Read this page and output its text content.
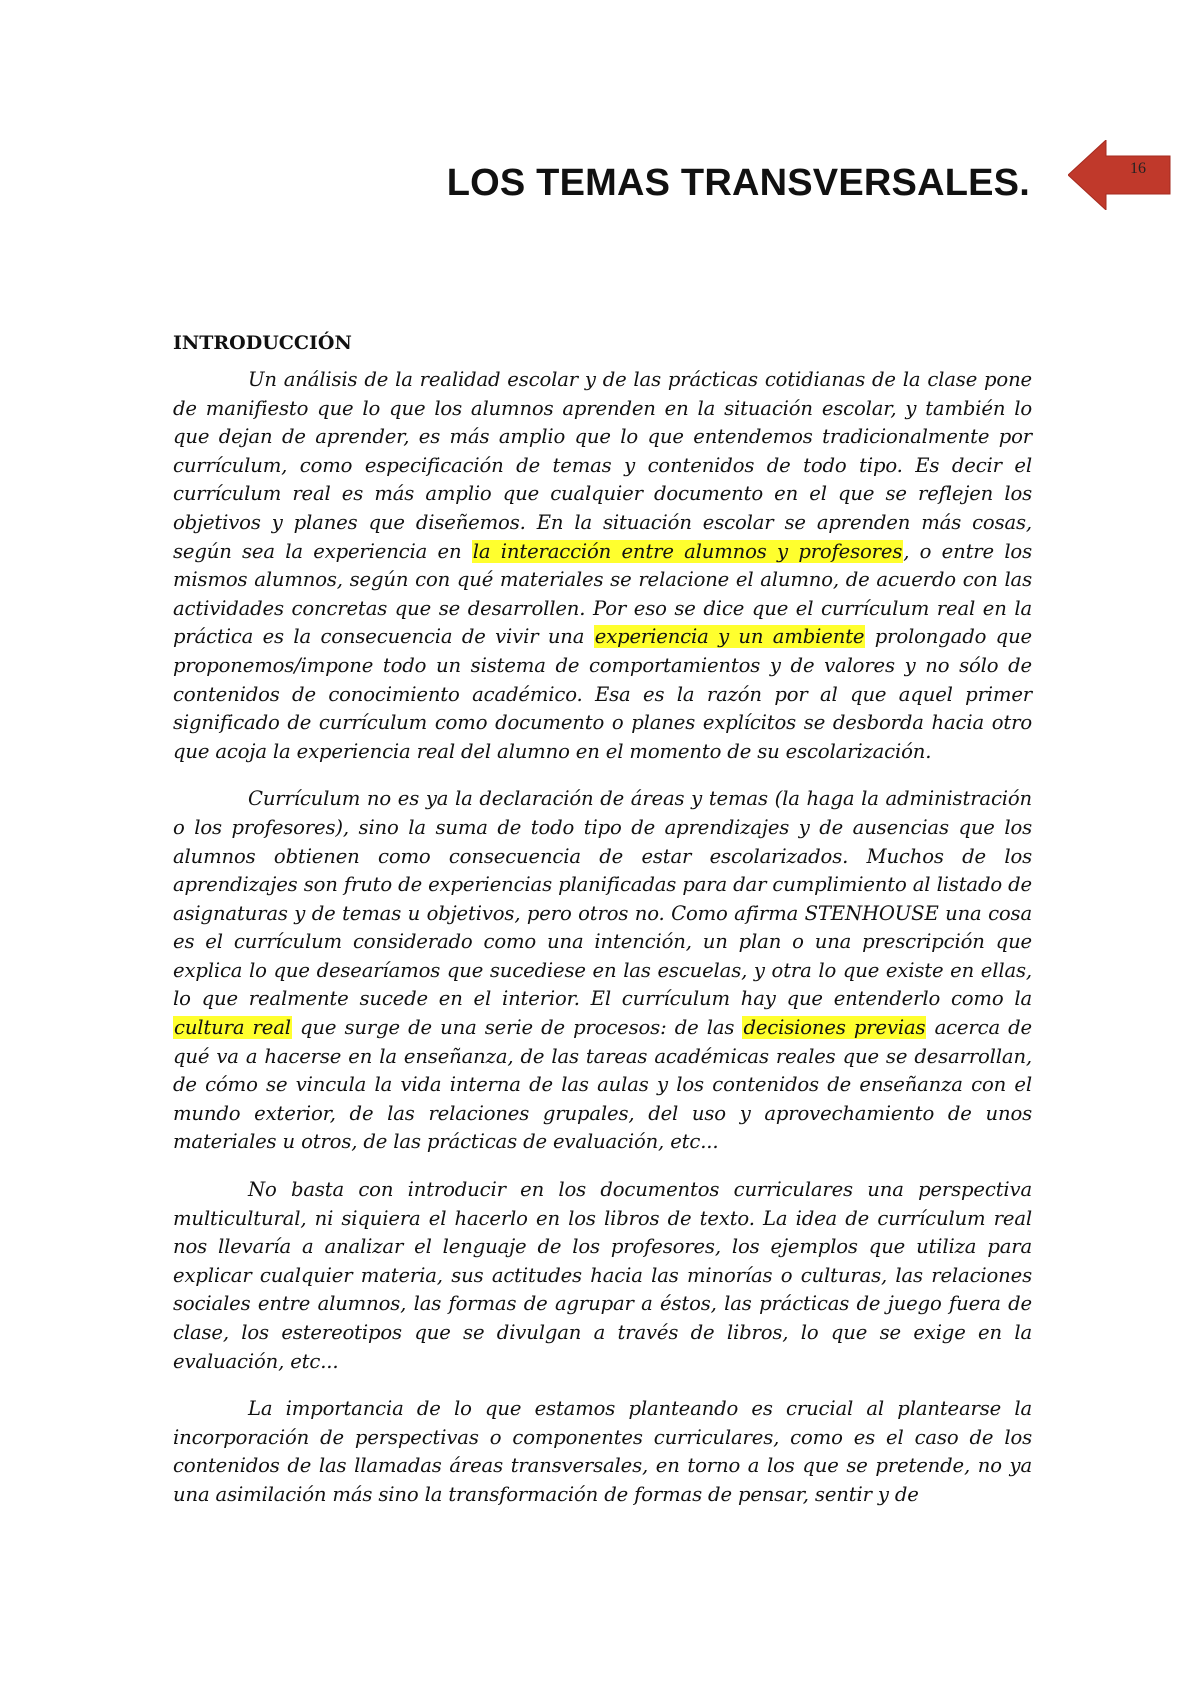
LOS TEMAS TRANSVERSALES.	16
INTRODUCCIÓN

Un análisis de la realidad escolar y de las prácticas cotidianas de la clase pone de manifiesto que lo que los alumnos aprenden en la situación escolar, y también lo que dejan de aprender, es más amplio que lo que entendemos tradicionalmente por currículum, como especificación de temas y contenidos de todo tipo. Es decir el currículum real es más amplio que cualquier documento en el que se reflejen los objetivos y planes que diseñemos. En la situación escolar se aprenden más cosas, según sea la experiencia en la interacción entre alumnos y profesores, o entre los mismos alumnos, según con qué materiales se relacione el alumno, de acuerdo con las actividades concretas que se desarrollen. Por eso se dice que el currículum real en la práctica es la consecuencia de vivir una experiencia y un ambiente prolongado que proponemos/impone todo un sistema de comportamientos y de valores y no sólo de contenidos de conocimiento académico. Esa es la razón por al que aquel primer significado de currículum como documento o planes explícitos se desborda hacia otro que acoja la experiencia real del alumno en el momento de su escolarización.

Currículum no es ya la declaración de áreas y temas (la haga la administración o los profesores), sino la suma de todo tipo de aprendizajes y de ausencias que los alumnos obtienen como consecuencia de estar escolarizados. Muchos de los aprendizajes son fruto de experiencias planificadas para dar cumplimiento al listado de asignaturas y de temas u objetivos, pero otros no. Como afirma STENHOUSE una cosa es el currículum considerado como una intención, un plan o una prescripción que explica lo que desearíamos que sucediese en las escuelas, y otra lo que existe en ellas, lo que realmente sucede en el interior. El currículum hay que entenderlo como la cultura real que surge de una serie de procesos: de las decisiones previas acerca de qué va a hacerse en la enseñanza, de las tareas académicas reales que se desarrollan, de cómo se vincula la vida interna de las aulas y los contenidos de enseñanza con el mundo exterior, de las relaciones grupales, del uso y aprovechamiento de unos materiales u otros, de las prácticas de evaluación, etc...

No basta con introducir en los documentos curriculares una perspectiva multicultural, ni siquiera el hacerlo en los libros de texto. La idea de currículum real nos llevaría a analizar el lenguaje de los profesores, los ejemplos que utiliza para explicar cualquier materia, sus actitudes hacia las minorías o culturas, las relaciones sociales entre alumnos, las formas de agrupar a éstos, las prácticas de juego fuera de clase, los estereotipos que se divulgan a través de libros, lo que se exige en la evaluación, etc...

La importancia de lo que estamos planteando es crucial al plantearse la incorporación de perspectivas o componentes curriculares, como es el caso de los contenidos de las llamadas áreas transversales, en torno a los que se pretende, no ya una asimilación más sino la transformación de formas de pensar, sentir y de
